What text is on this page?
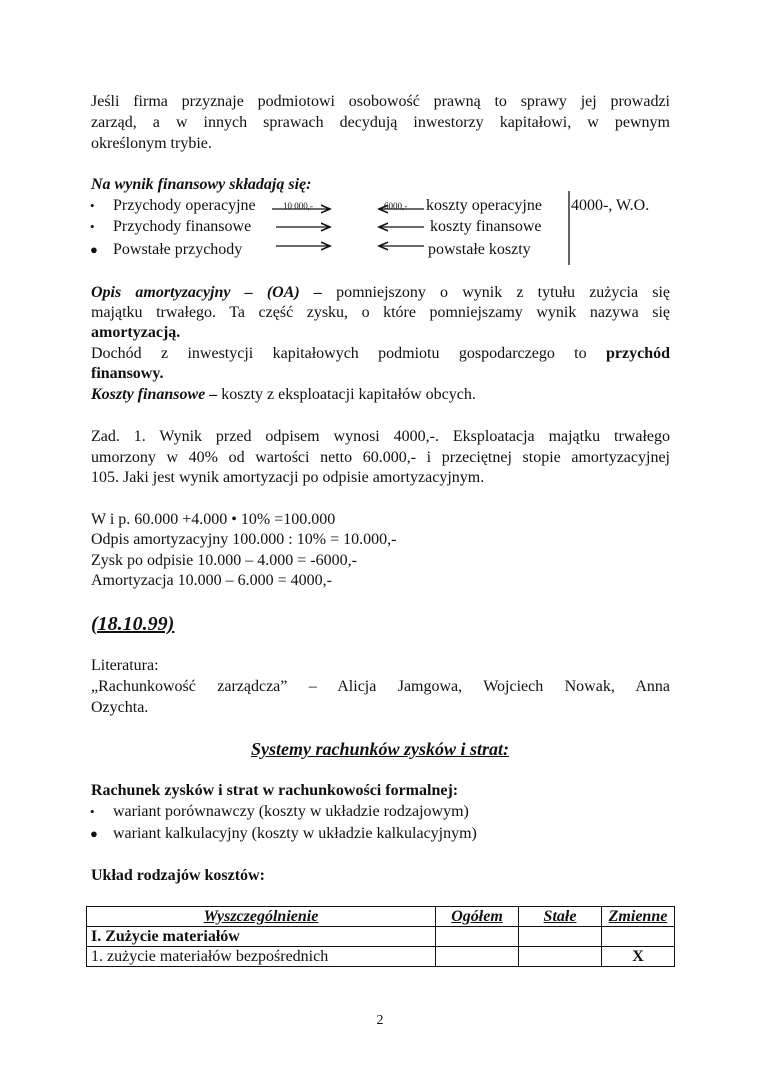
Jeśli firma przyznaje podmiotowi osobowość prawną to sprawy jej prowadzi
zarząd, a w innych sprawach decydują inwestorzy kapitałowi, w pewnym
określonym trybie.
Na wynik finansowy składają się:
• Przychody operacyjne
• Przychody finansowe
● Powstałe przychody
10 000,-	6000,- koszty operacyjne
koszty finansowe
powstałe koszty
4000-, W.O.
Opis amortyzacyjny – (OA) – pomniejszony o wynik z tytułu zużycia się
majątku trwałego. Ta część zysku, o które pomniejszamy wynik nazywa się
amortyzacją.
Dochód z inwestycji kapitałowych podmiotu gospodarczego to przychód
finansowy.
Koszty finansowe – koszty z eksploatacji kapitałów obcych.
Zad. 1. Wynik przed odpisem wynosi 4000,-. Eksploatacja majątku trwałego
umorzony w 40% od wartości netto 60.000,- i przeciętnej stopie amortyzacyjnej
105. Jaki jest wynik amortyzacji po odpisie amortyzacyjnym.
W i p. 60.000 +4.000 • 10% =100.000
Odpis amortyzacyjny 100.000 : 10% = 10.000,-
Zysk po odpisie 10.000 – 4.000 = -6000,-
Amortyzacja 10.000 – 6.000 = 4000,-
(18.10.99)
Literatura:
„Rachunkowość zarządcza” – Alicja Jamgowa, Wojciech Nowak, Anna
Ozychta.
Systemy rachunków zysków i strat:
Rachunek zysków i strat w rachunkowości formalnej:
• wariant porównawczy (koszty w układzie rodzajowym)
● wariant kalkulacyjny (koszty w układzie kalkulacyjnym)
Układ rodzajów kosztów:
Wyszczególnienie	Ogółem	Stałe	Zmienne
I. Zużycie materiałów			
1. zużycie materiałów bezpośrednich			X
2
